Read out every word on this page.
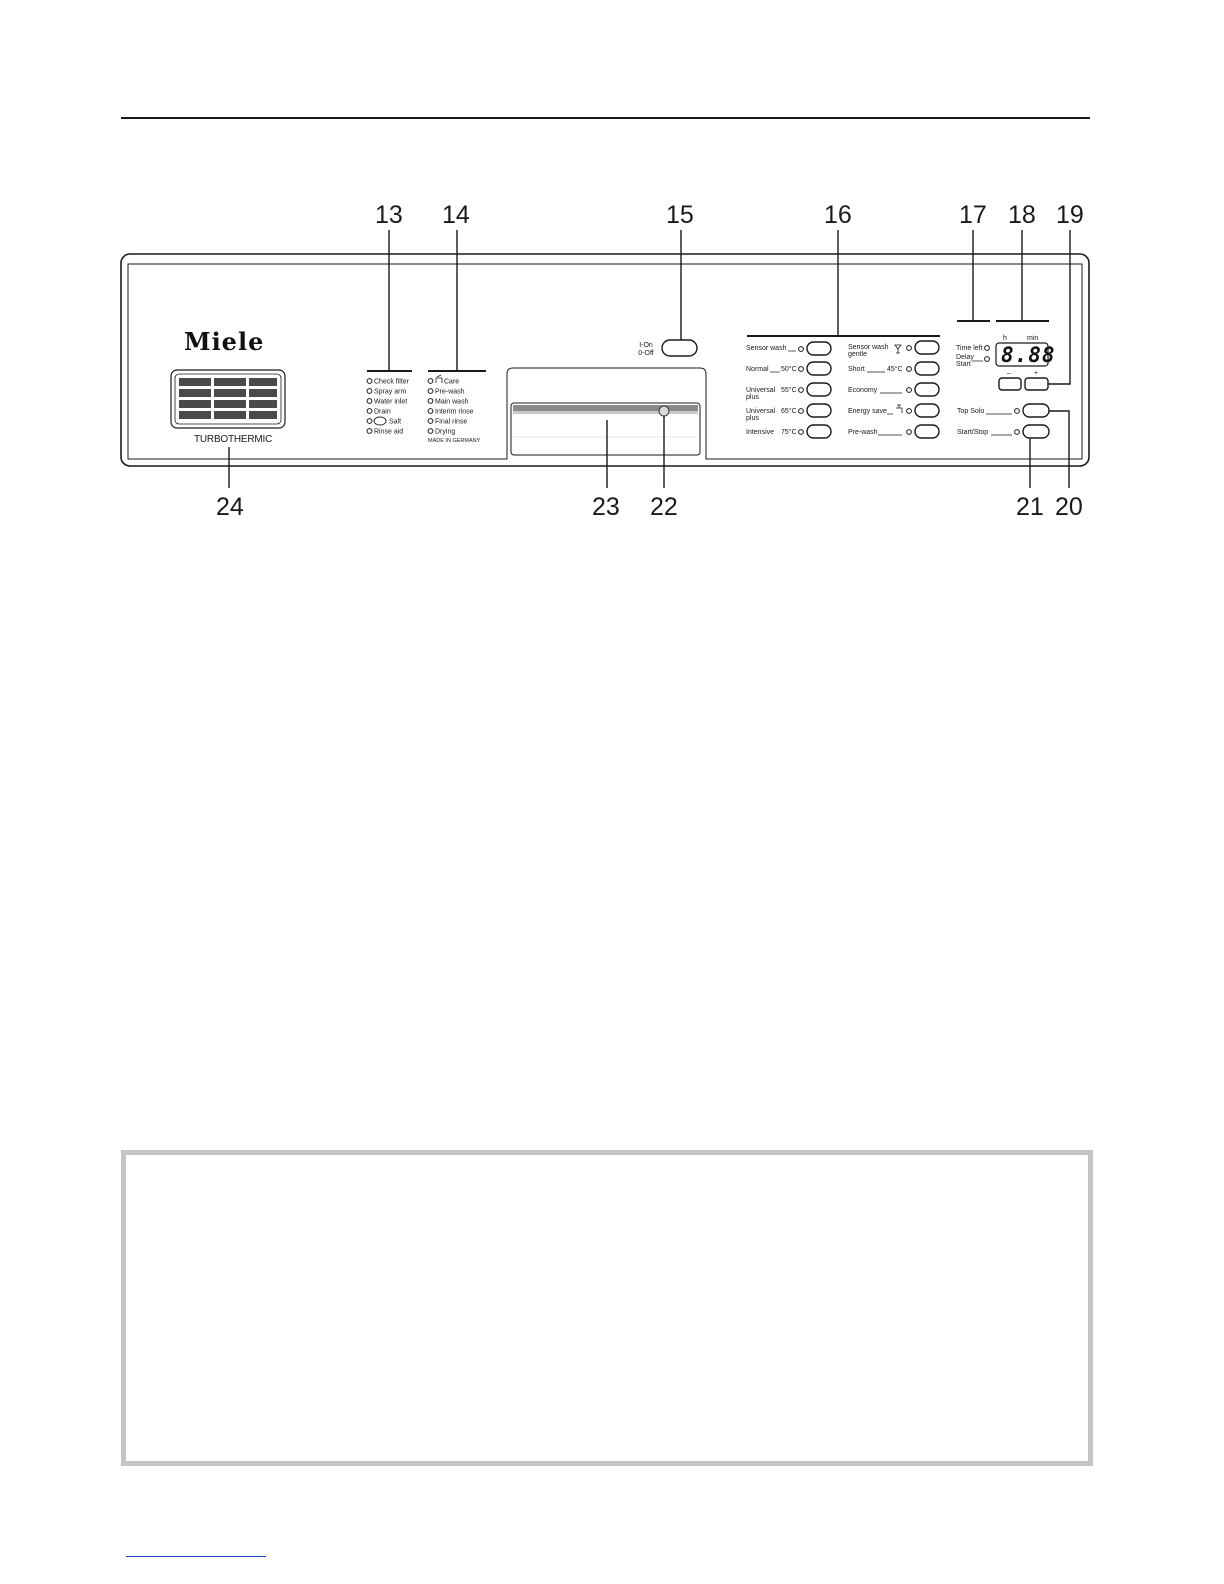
13 14	15	16	17 18 19
Miele
TURBOTHERMIC
Check filter
Spray arm
Water inlet
Drain
Salt
Rinse aid
Care
Pre-wash
Main wash
Interim rinse
Final rinse
Drying
MADE IN GERMANY
I-On
0-Off
Sensor wash
Normal 50°C
Universal
plus
55°C
Universal
plus
65°C
Intensive 75°C
Sensor wash
gentle
Short	45°C
Economy
Energy save
Pre-wash
Time left
Delay
Start
h	min
8.88
–	+
Top Solo
Start/Stop
24	23 22	21 20
